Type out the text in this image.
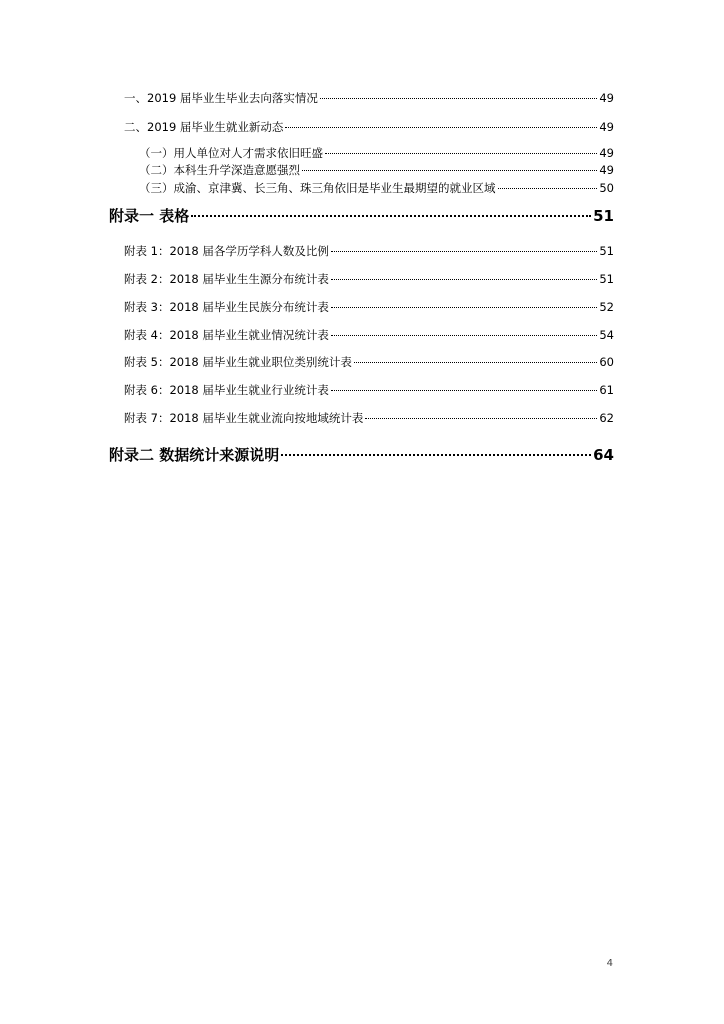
一、2019 届毕业生毕业去向落实情况	49
二、2019 届毕业生就业新动态	49
（一）用人单位对人才需求依旧旺盛	49
（二）本科生升学深造意愿强烈	49
（三）成渝、京津冀、长三角、珠三角依旧是毕业生最期望的就业区域	50
附录一 表格	51
附表 1：2018 届各学历学科人数及比例	51
附表 2：2018 届毕业生生源分布统计表	51
附表 3：2018 届毕业生民族分布统计表	52
附表 4：2018 届毕业生就业情况统计表	54
附表 5：2018 届毕业生就业职位类别统计表	60
附表 6：2018 届毕业生就业行业统计表	61
附表 7：2018 届毕业生就业流向按地域统计表	62
附录二 数据统计来源说明	64
4
